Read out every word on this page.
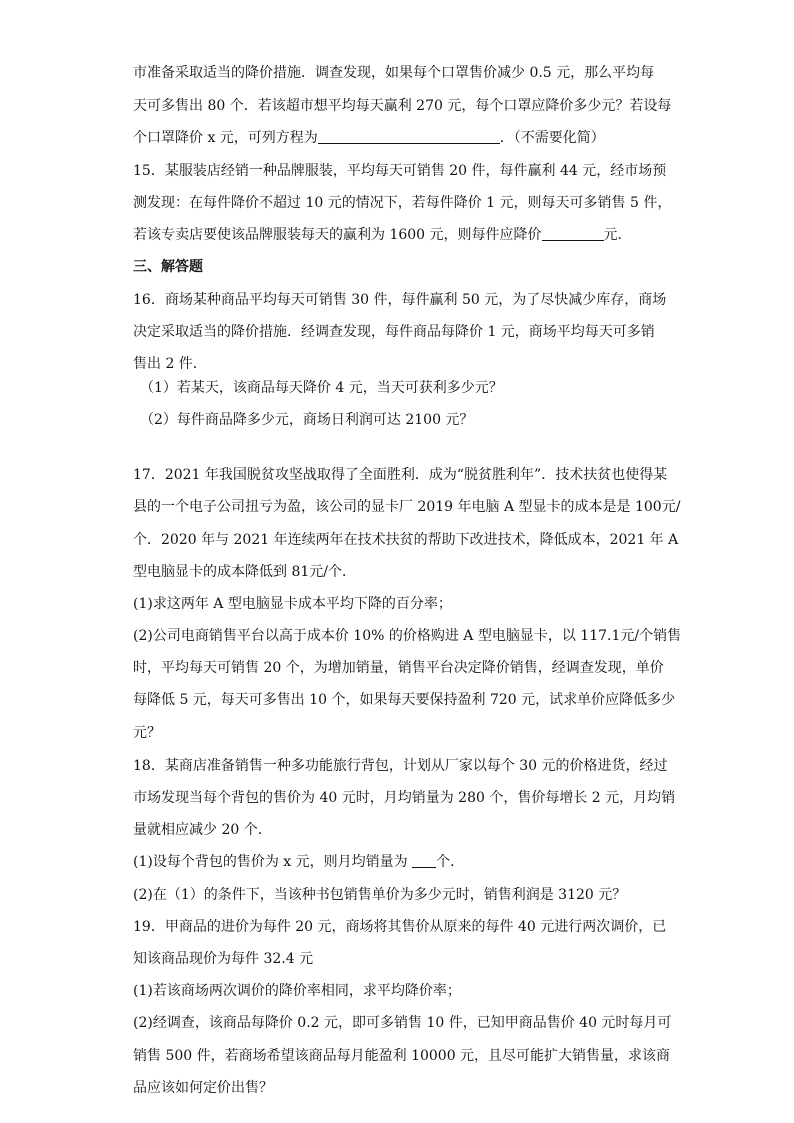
市准备采取适当的降价措施．调查发现，如果每个口罩售价减少 0.5 元，那么平均每
天可多售出 80 个．若该超市想平均每天赢利 270 元，每个口罩应降价多少元？若设每
个口罩降价 x 元，可列方程为	．（不需要化简）
15．某服装店经销一种品牌服装，平均每天可销售 20 件，每件赢利 44 元，经市场预
测发现：在每件降价不超过 10 元的情况下，若每件降价 1 元，则每天可多销售 5 件，
若该专卖店要使该品牌服装每天的赢利为 1600 元，则每件应降价	元．
三、解答题
16．商场某种商品平均每天可销售 30 件，每件赢利 50 元，为了尽快减少库存，商场
决定采取适当的降价措施．经调查发现，每件商品每降价 1 元，商场平均每天可多销
售出 2 件．
（1）若某天，该商品每天降价 4 元，当天可获利多少元？
（2）每件商品降多少元，商场日利润可达 2100 元？
17．2021 年我国脱贫攻坚战取得了全面胜利．成为“脱贫胜利年”．技术扶贫也使得某
县的一个电子公司扭亏为盈，该公司的显卡厂 2019 年电脑 A 型显卡的成本是是 100元/
个．2020 年与 2021 年连续两年在技术扶贫的帮助下改进技术，降低成本，2021 年 A
型电脑显卡的成本降低到 81元/个．
(1)求这两年 A 型电脑显卡成本平均下降的百分率；
(2)公司电商销售平台以高于成本价 10% 的价格购进 A 型电脑显卡，以 117.1元/个销售
时，平均每天可销售 20 个，为增加销量，销售平台决定降价销售，经调查发现，单价
每降低 5 元，每天可多售出 10 个，如果每天要保持盈利 720 元，试求单价应降低多少
元？
18．某商店准备销售一种多功能旅行背包，计划从厂家以每个 30 元的价格进货，经过
市场发现当每个背包的售价为 40 元时，月均销量为 280 个，售价每增长 2 元，月均销
量就相应减少 20 个．
(1)设每个背包的售价为 x 元，则月均销量为 个．
(2)在（1）的条件下，当该种书包销售单价为多少元时，销售利润是 3120 元？
19．甲商品的进价为每件 20 元，商场将其售价从原来的每件 40 元进行两次调价，已
知该商品现价为每件 32.4 元
(1)若该商场两次调价的降价率相同，求平均降价率；
(2)经调查，该商品每降价 0.2 元，即可多销售 10 件，已知甲商品售价 40 元时每月可
销售 500 件，若商场希望该商品每月能盈利 10000 元，且尽可能扩大销售量，求该商
品应该如何定价出售？
